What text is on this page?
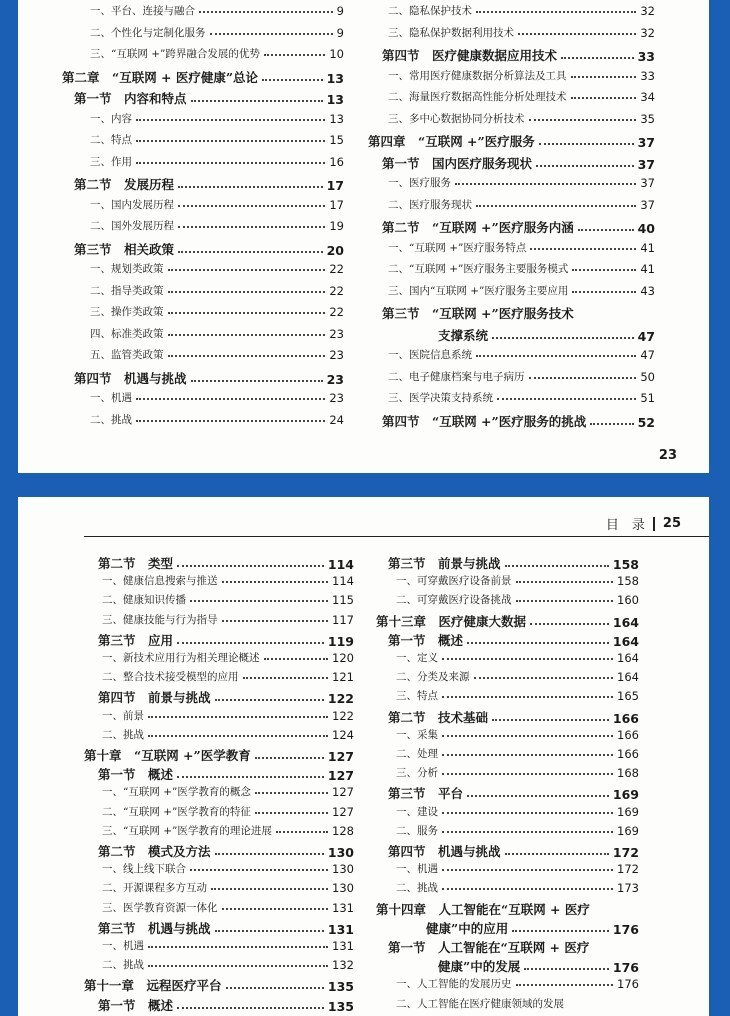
一、平台、连接与融合	9
二、个性化与定制化服务	9
三、“互联网 +”跨界融合发展的优势	10
第二章　“互联网 + 医疗健康”总论	13
第一节　内容和特点	13
一、内容	13
二、特点	15
三、作用	16
第二节　发展历程	17
一、国内发展历程	17
二、国外发展历程	19
第三节　相关政策	20
一、规划类政策	22
二、指导类政策	22
三、操作类政策	22
四、标准类政策	23
五、监管类政策	23
第四节　机遇与挑战	23
一、机遇	23
二、挑战	24
二、隐私保护技术	32
三、隐私保护数据利用技术	32
第四节　医疗健康数据应用技术	33
一、常用医疗健康数据分析算法及工具	33
二、海量医疗数据高性能分析处理技术	34
三、多中心数据协同分析技术	35
第四章　“互联网 +”医疗服务	37
第一节　国内医疗服务现状	37
一、医疗服务	37
二、医疗服务现状	37
第二节　“互联网 +”医疗服务内涵	40
一、“互联网 +”医疗服务特点	41
二、“互联网 +”医疗服务主要服务模式	41
三、国内“互联网 +”医疗服务主要应用	43
第三节　“互联网 +”医疗服务技术
支撑系统	47
一、医院信息系统	47
二、电子健康档案与电子病历	50
三、医学决策支持系统	51
第四节　“互联网 +”医疗服务的挑战	52
23
目　录 25
第二节　类型	114
一、健康信息搜索与推送	114
二、健康知识传播	115
三、健康技能与行为指导	117
第三节　应用	119
一、新技术应用行为相关理论概述	120
二、整合技术接受模型的应用	121
第四节　前景与挑战	122
一、前景	122
二、挑战	124
第十章　“互联网 +”医学教育	127
第一节　概述	127
一、“互联网 +”医学教育的概念	127
二、“互联网 +”医学教育的特征	127
三、“互联网 +”医学教育的理论进展	128
第二节　模式及方法	130
一、线上线下联合	130
二、开源课程多方互动	130
三、医学教育资源一体化	131
第三节　机遇与挑战	131
一、机遇	131
二、挑战	132
第十一章　远程医疗平台	135
第一节　概述	135
第三节　前景与挑战	158
一、可穿戴医疗设备前景	158
二、可穿戴医疗设备挑战	160
第十三章　医疗健康大数据	164
第一节　概述	164
一、定义	164
二、分类及来源	164
三、特点	165
第二节　技术基础	166
一、采集	166
二、处理	166
三、分析	168
第三节　平台	169
一、建设	169
二、服务	169
第四节　机遇与挑战	172
一、机遇	172
二、挑战	173
第十四章　人工智能在“互联网 + 医疗
健康”中的应用	176
第一节　人工智能在“互联网 + 医疗
健康”中的发展	176
一、人工智能的发展历史	176
二、人工智能在医疗健康领域的发展
